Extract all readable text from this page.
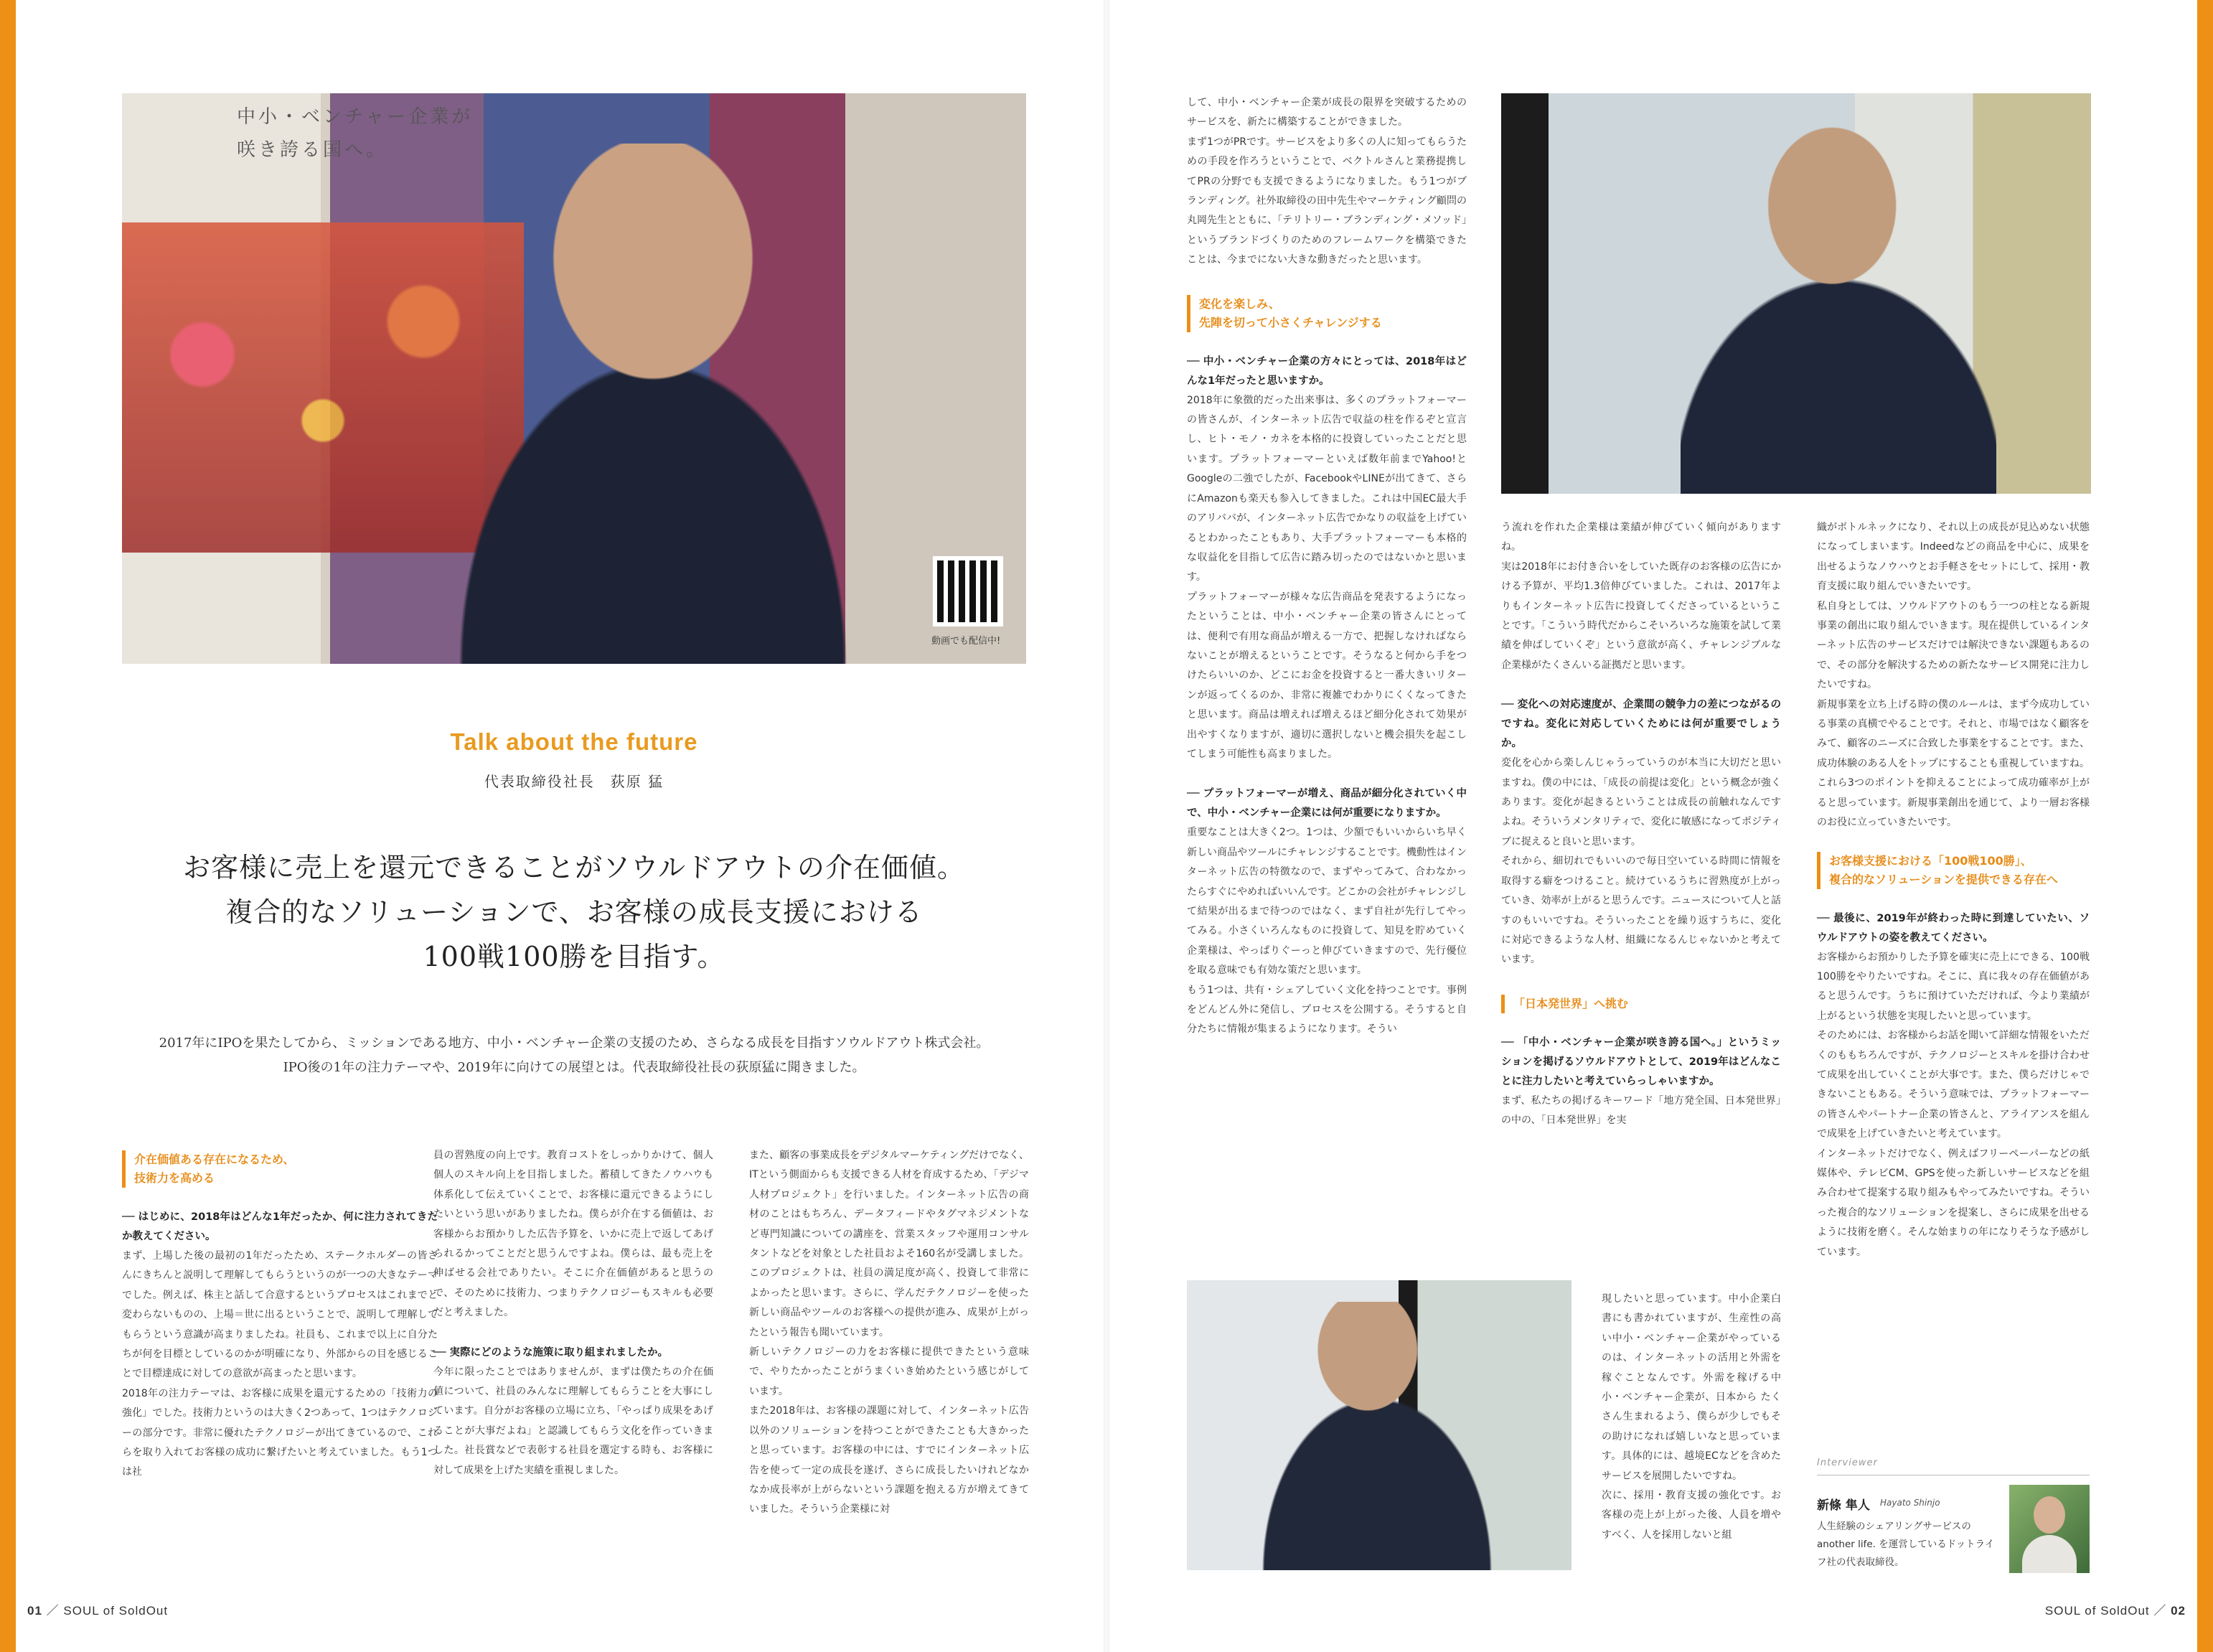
中小・ベンチャー企業が
咲き誇る国へ。
動画でも配信中!
Talk about the future
代表取締役社長　荻原 猛
お客様に売上を還元できることがソウルドアウトの介在価値。
複合的なソリューションで、お客様の成長支援における
100戦100勝を目指す。
2017年にIPOを果たしてから、ミッションである地方、中小・ベンチャー企業の支援のため、さらなる成長を目指すソウルドアウト株式会社。
IPO後の1年の注力テーマや、2019年に向けての展望とは。代表取締役社長の荻原猛に聞きました。
介在価値ある存在になるため、
技術力を高める

── はじめに、2018年はどんな1年だったか、何に注力されてきたか教えてください。

まず、上場した後の最初の1年だったため、ステークホルダーの皆さんにきちんと説明して理解してもらうというのが一つの大きなテーマでした。例えば、株主と話して合意するというプロセスはこれまでと変わらないものの、上場＝世に出るということで、説明して理解してもらうという意識が高まりましたね。社員も、これまで以上に自分たちが何を目標としているのかが明確になり、外部からの目を感じることで目標達成に対しての意欲が高まったと思います。

2018年の注力テーマは、お客様に成果を還元するための「技術力の強化」でした。技術力というのは大きく2つあって、1つはテクノロジーの部分です。非常に優れたテクノロジーが出てきているので、これらを取り入れてお客様の成功に繋げたいと考えていました。もう1つは社

員の習熟度の向上です。教育コストをしっかりかけて、個人個人のスキル向上を目指しました。蓄積してきたノウハウも体系化して伝えていくことで、お客様に還元できるようにしたいという思いがありましたね。僕らが介在する価値は、お客様からお預かりした広告予算を、いかに売上で返してあげられるかってことだと思うんですよね。僕らは、最も売上を伸ばせる会社でありたい。そこに介在価値があると思うので、そのために技術力、つまりテクノロジーもスキルも必要だと考えました。

── 実際にどのような施策に取り組まれましたか。

今年に限ったことではありませんが、まずは僕たちの介在価値について、社員のみんなに理解してもらうことを大事にしています。自分がお客様の立場に立ち、「やっぱり成果をあげることが大事だよね」と認識してもらう文化を作っていきました。社長賞などで表彰する社員を選定する時も、お客様に対して成果を上げた実績を重視しました。

また、顧客の事業成長をデジタルマーケティングだけでなく、ITという側面からも支援できる人材を育成するため、「デジマ人材プロジェクト」を行いました。インターネット広告の商材のことはもちろん、データフィードやタグマネジメントなど専門知識についての講座を、営業スタッフや運用コンサルタントなどを対象とした社員およそ160名が受講しました。このプロジェクトは、社員の満足度が高く、投資して非常によかったと思います。さらに、学んだテクノロジーを使った新しい商品やツールのお客様への提供が進み、成果が上がったという報告も聞いています。

新しいテクノロジーの力をお客様に提供できたという意味で、やりたかったことがうまくいき始めたという感じがしています。

また2018年は、お客様の課題に対して、インターネット広告以外のソリューションを持つことができたことも大きかったと思っています。お客様の中には、すでにインターネット広告を使って一定の成長を遂げ、さらに成長したいけれどなかなか成長率が上がらないという課題を抱える方が増えてきていました。そういう企業様に対

して、中小・ベンチャー企業が成長の限界を突破するためのサービスを、新たに構築することができました。

まず1つがPRです。サービスをより多くの人に知ってもらうための手段を作ろうということで、ベクトルさんと業務提携してPRの分野でも支援できるようになりました。もう1つがブランディング。社外取締役の田中先生やマーケティング顧問の丸岡先生とともに、「テリトリー・ブランディング・メソッド」というブランドづくりのためのフレームワークを構築できたことは、今までにない大きな動きだったと思います。

変化を楽しみ、
先陣を切って小さくチャレンジする

── 中小・ベンチャー企業の方々にとっては、2018年はどんな1年だったと思いますか。

2018年に象徴的だった出来事は、多くのプラットフォーマーの皆さんが、インターネット広告で収益の柱を作るぞと宣言し、ヒト・モノ・カネを本格的に投資していったことだと思います。プラットフォーマーといえば数年前までYahoo!とGoogleの二強でしたが、FacebookやLINEが出てきて、さらにAmazonも楽天も参入してきました。これは中国EC最大手のアリババが、インターネット広告でかなりの収益を上げているとわかったこともあり、大手プラットフォーマーも本格的な収益化を目指して広告に踏み切ったのではないかと思います。

プラットフォーマーが様々な広告商品を発表するようになったということは、中小・ベンチャー企業の皆さんにとっては、便利で有用な商品が増える一方で、把握しなければならないことが増えるということです。そうなると何から手をつけたらいいのか、どこにお金を投資すると一番大きいリターンが返ってくるのか、非常に複雑でわかりにくくなってきたと思います。商品は増えれば増えるほど細分化されて効果が出やすくなりますが、適切に選択しないと機会損失を起こしてしまう可能性も高まりました。

── プラットフォーマーが増え、商品が細分化されていく中で、中小・ベンチャー企業には何が重要になりますか。

重要なことは大きく2つ。1つは、少額でもいいからいち早く新しい商品やツールにチャレンジすることです。機動性はインターネット広告の特徴なので、まずやってみて、合わなかったらすぐにやめればいいんです。どこかの会社がチャレンジして結果が出るまで待つのではなく、まず自社が先行してやってみる。小さくいろんなものに投資して、知見を貯めていく企業様は、やっぱりぐーっと伸びていきますので、先行優位を取る意味でも有効な策だと思います。

もう1つは、共有・シェアしていく文化を持つことです。事例をどんどん外に発信し、プロセスを公開する。そうすると自分たちに情報が集まるようになります。そうい

う流れを作れた企業様は業績が伸びていく傾向がありますね。

実は2018年にお付き合いをしていた既存のお客様の広告にかける予算が、平均1.3倍伸びていました。これは、2017年よりもインターネット広告に投資してくださっているということです。「こういう時代だからこそいろいろな施策を試して業績を伸ばしていくぞ」という意欲が高く、チャレンジブルな企業様がたくさんいる証拠だと思います。

── 変化への対応速度が、企業間の競争力の差につながるのですね。変化に対応していくためには何が重要でしょうか。

変化を心から楽しんじゃうっていうのが本当に大切だと思いますね。僕の中には、「成長の前提は変化」という概念が強くあります。変化が起きるということは成長の前触れなんですよね。そういうメンタリティで、変化に敏感になってポジティブに捉えると良いと思います。

それから、細切れでもいいので毎日空いている時間に情報を取得する癖をつけること。続けているうちに習熟度が上がっていき、効率が上がると思うんです。ニュースについて人と話すのもいいですね。そういったことを繰り返すうちに、変化に対応できるような人材、組織になるんじゃないかと考えています。

「日本発世界」へ挑む

── 「中小・ベンチャー企業が咲き誇る国へ。」というミッションを掲げるソウルドアウトとして、2019年はどんなことに注力したいと考えていらっしゃいますか。

まず、私たちの掲げるキーワード「地方発全国、日本発世界」の中の、「日本発世界」を実

現したいと思っています。中小企業白書にも書かれていますが、生産性の高い中小・ベンチャー企業がやっているのは、インターネットの活用と外需を稼ぐことなんです。外需を稼げる中小・ベンチャー企業が、日本から たくさん生まれるよう、僕らが少しでもその助けになれば嬉しいなと思っています。具体的には、越境ECなどを含めたサービスを展開したいですね。

次に、採用・教育支援の強化です。お客様の売上が上がった後、人員を増やすべく、人を採用しないと組

織がボトルネックになり、それ以上の成長が見込めない状態になってしまいます。Indeedなどの商品を中心に、成果を出せるようなノウハウとお手軽さをセットにして、採用・教育支援に取り組んでいきたいです。

私自身としては、ソウルドアウトのもう一つの柱となる新規事業の創出に取り組んでいきます。現在提供しているインターネット広告のサービスだけでは解決できない課題もあるので、その部分を解決するための新たなサービス開発に注力したいですね。

新規事業を立ち上げる時の僕のルールは、まず今成功している事業の真横でやることです。それと、市場ではなく顧客をみて、顧客のニーズに合致した事業をすることです。また、成功体験のある人をトップにすることも重視していますね。これら3つのポイントを抑えることによって成功確率が上がると思っています。新規事業創出を通じて、より一層お客様のお役に立っていきたいです。

お客様支援における「100戦100勝」、
複合的なソリューションを提供できる存在へ

── 最後に、2019年が終わった時に到達していたい、ソウルドアウトの姿を教えてください。

お客様からお預かりした予算を確実に売上にできる、100戦100勝をやりたいですね。そこに、真に我々の存在価値があると思うんです。うちに預けていただければ、今より業績が上がるという状態を実現したいと思っています。

そのためには、お客様からお話を聞いて詳細な情報をいただくのももちろんですが、テクノロジーとスキルを掛け合わせて成果を出していくことが大事です。また、僕らだけじゃできないこともある。そういう意味では、プラットフォーマーの皆さんやパートナー企業の皆さんと、アライアンスを組んで成果を上げていきたいと考えています。

インターネットだけでなく、例えばフリーペーパーなどの紙媒体や、テレビCM、GPSを使った新しいサービスなどを組み合わせて提案する取り組みもやってみたいですね。そういった複合的なソリューションを提案し、さらに成果を出せるように技術を磨く。そんな始まりの年になりそうな予感がしています。

Interviewer
新條 隼人 Hayato Shinjo
人生経験のシェアリングサービスのanother life. を運営しているドットライフ社の代表取締役。
01 ／ SOUL of SoldOut	SOUL of SoldOut ／ 02
